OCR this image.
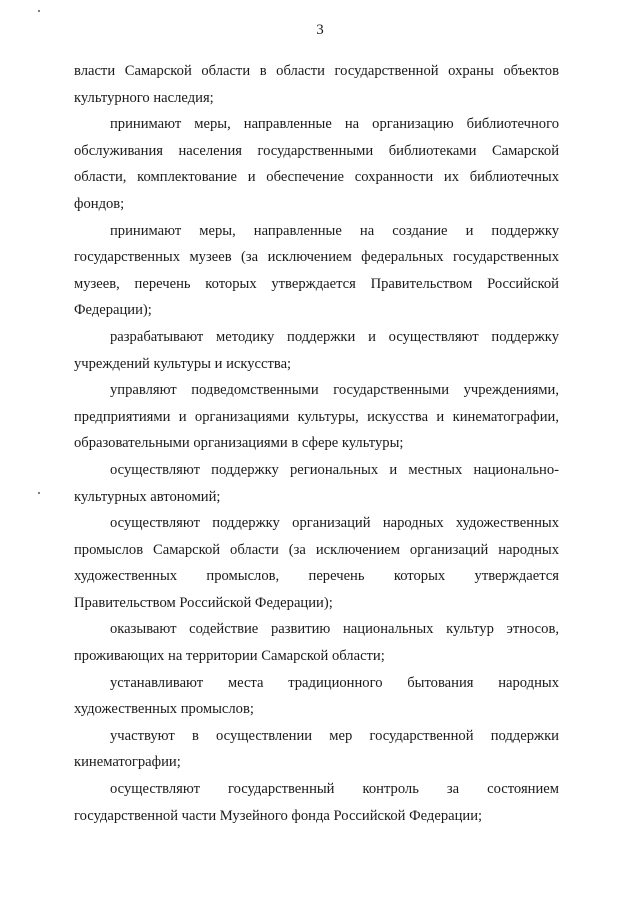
3

власти Самарской области в области государственной охраны объектов культурного наследия;

принимают меры, направленные на организацию библиотечного обслуживания населения государственными библиотеками Самарской области, комплектование и обеспечение сохранности их библиотечных фондов;

принимают меры, направленные на создание и поддержку государственных музеев (за исключением федеральных государственных музеев, перечень которых утверждается Правительством Российской Федерации);

разрабатывают методику поддержки и осуществляют поддержку учреждений культуры и искусства;

управляют подведомственными государственными учреждениями, предприятиями и организациями культуры, искусства и кинематографии, образовательными организациями в сфере культуры;

осуществляют поддержку региональных и местных национально-культурных автономий;

осуществляют поддержку организаций народных художественных промыслов Самарской области (за исключением организаций народных художественных промыслов, перечень которых утверждается Правительством Российской Федерации);

оказывают содействие развитию национальных культур этносов, проживающих на территории Самарской области;

устанавливают места традиционного бытования народных художественных промыслов;

участвуют в осуществлении мер государственной поддержки кинематографии;

осуществляют государственный контроль за состоянием государственной части Музейного фонда Российской Федерации;
